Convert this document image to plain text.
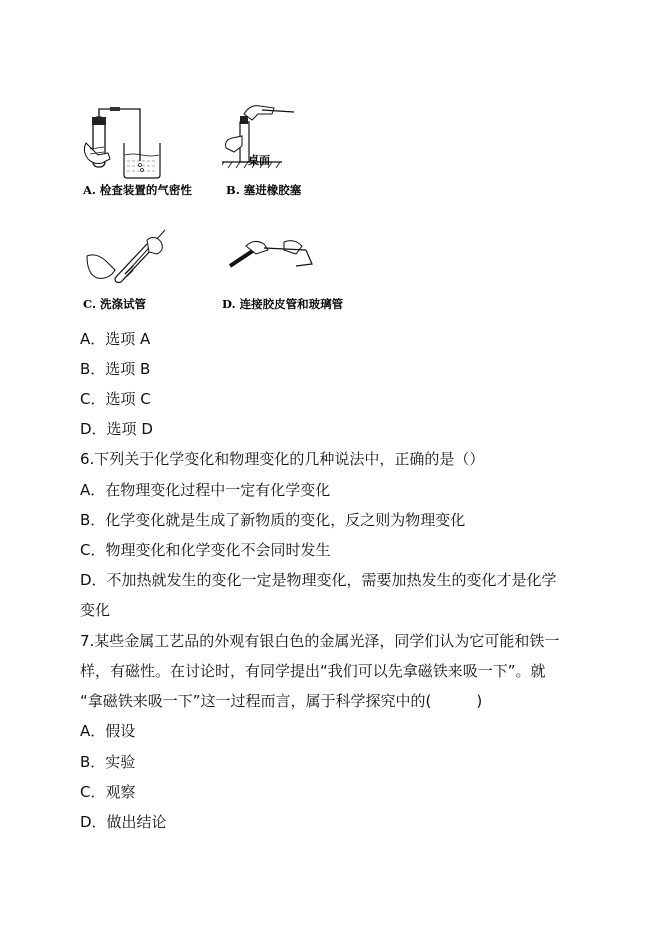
A. 检查装置的气密性
桌面
B. 塞进橡胶塞
C. 洗涤试管	D. 连接胶皮管和玻璃管
A．选项 A
B．选项 B
C．选项 C
D．选项 D
6.下列关于化学变化和物理变化的几种说法中，正确的是（）
A．在物理变化过程中一定有化学变化
B．化学变化就是生成了新物质的变化，反之则为物理变化
C．物理变化和化学变化不会同时发生
D．不加热就发生的变化一定是物理变化，需要加热发生的变化才是化学
变化
7.某些金属工艺品的外观有银白色的金属光泽，同学们认为它可能和铁一
样，有磁性。在讨论时，有同学提出“我们可以先拿磁铁来吸一下”。就
“拿磁铁来吸一下”这一过程而言，属于科学探究中的(　　　)
A．假设
B．实验
C．观察
D．做出结论
